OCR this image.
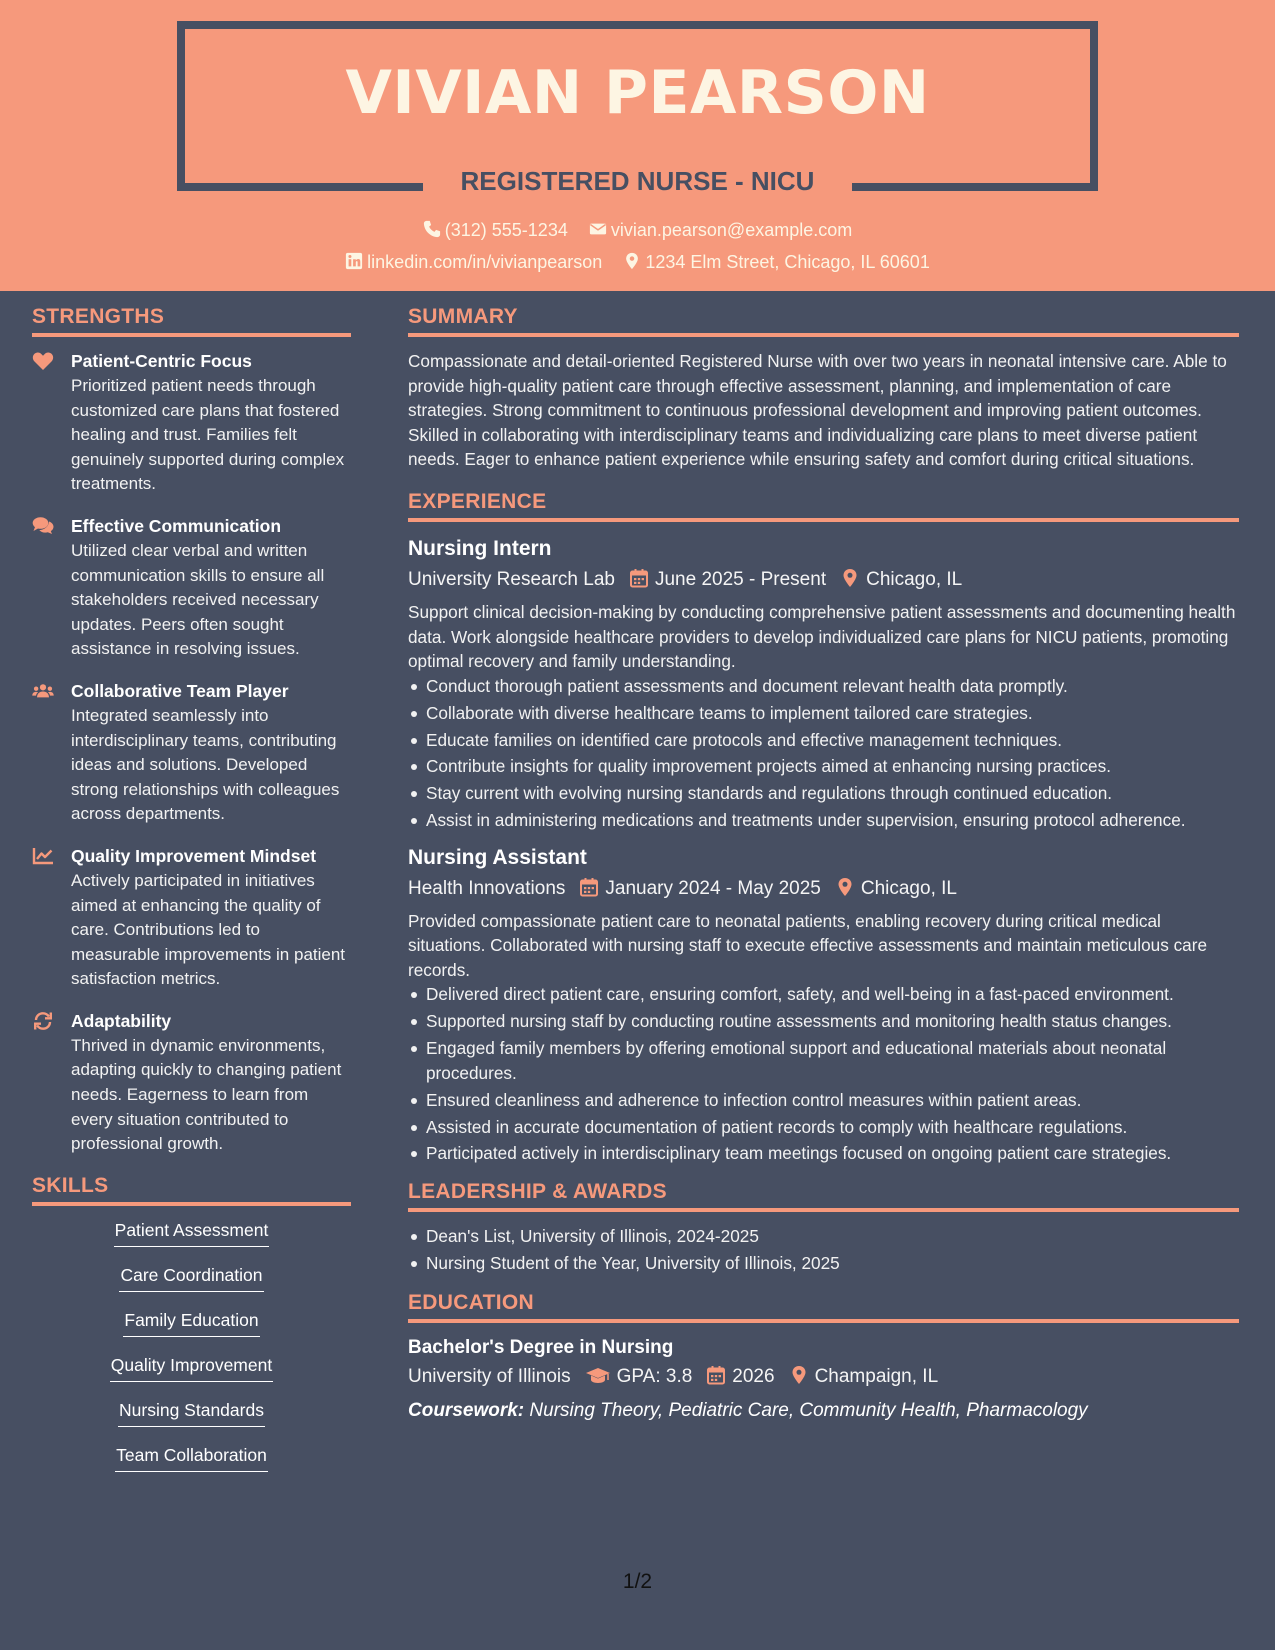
VIVIAN PEARSON
REGISTERED NURSE - NICU
(312) 555-1234 vivian.pearson@example.com
linkedin.com/in/vivianpearson 1234 Elm Street, Chicago, IL 60601
STRENGTHS
Patient-Centric Focus
Prioritized patient needs through customized care plans that fostered healing and trust. Families felt genuinely supported during complex treatments.
Effective Communication
Utilized clear verbal and written communication skills to ensure all stakeholders received necessary updates. Peers often sought assistance in resolving issues.
Collaborative Team Player
Integrated seamlessly into interdisciplinary teams, contributing ideas and solutions. Developed strong relationships with colleagues across departments.
Quality Improvement Mindset
Actively participated in initiatives aimed at enhancing the quality of care. Contributions led to measurable improvements in patient satisfaction metrics.
Adaptability
Thrived in dynamic environments, adapting quickly to changing patient needs. Eagerness to learn from every situation contributed to professional growth.
SKILLS
Patient Assessment
Care Coordination
Family Education
Quality Improvement
Nursing Standards
Team Collaboration
SUMMARY
Compassionate and detail-oriented Registered Nurse with over two years in neonatal intensive care. Able to provide high-quality patient care through effective assessment, planning, and implementation of care strategies. Strong commitment to continuous professional development and improving patient outcomes. Skilled in collaborating with interdisciplinary teams and individualizing care plans to meet diverse patient needs. Eager to enhance patient experience while ensuring safety and comfort during critical situations.
EXPERIENCE
Nursing Intern
University Research Lab June 2025 - Present Chicago, IL
Support clinical decision-making by conducting comprehensive patient assessments and documenting health data. Work alongside healthcare providers to develop individualized care plans for NICU patients, promoting optimal recovery and family understanding.
Conduct thorough patient assessments and document relevant health data promptly.
Collaborate with diverse healthcare teams to implement tailored care strategies.
Educate families on identified care protocols and effective management techniques.
Contribute insights for quality improvement projects aimed at enhancing nursing practices.
Stay current with evolving nursing standards and regulations through continued education.
Assist in administering medications and treatments under supervision, ensuring protocol adherence.
Nursing Assistant
Health Innovations January 2024 - May 2025 Chicago, IL
Provided compassionate patient care to neonatal patients, enabling recovery during critical medical situations. Collaborated with nursing staff to execute effective assessments and maintain meticulous care records.
Delivered direct patient care, ensuring comfort, safety, and well-being in a fast-paced environment.
Supported nursing staff by conducting routine assessments and monitoring health status changes.
Engaged family members by offering emotional support and educational materials about neonatal procedures.
Ensured cleanliness and adherence to infection control measures within patient areas.
Assisted in accurate documentation of patient records to comply with healthcare regulations.
Participated actively in interdisciplinary team meetings focused on ongoing patient care strategies.
LEADERSHIP & AWARDS
Dean's List, University of Illinois, 2024-2025
Nursing Student of the Year, University of Illinois, 2025
EDUCATION
Bachelor's Degree in Nursing
University of Illinois GPA: 3.8 2026 Champaign, IL
Coursework: Nursing Theory, Pediatric Care, Community Health, Pharmacology
1/2
